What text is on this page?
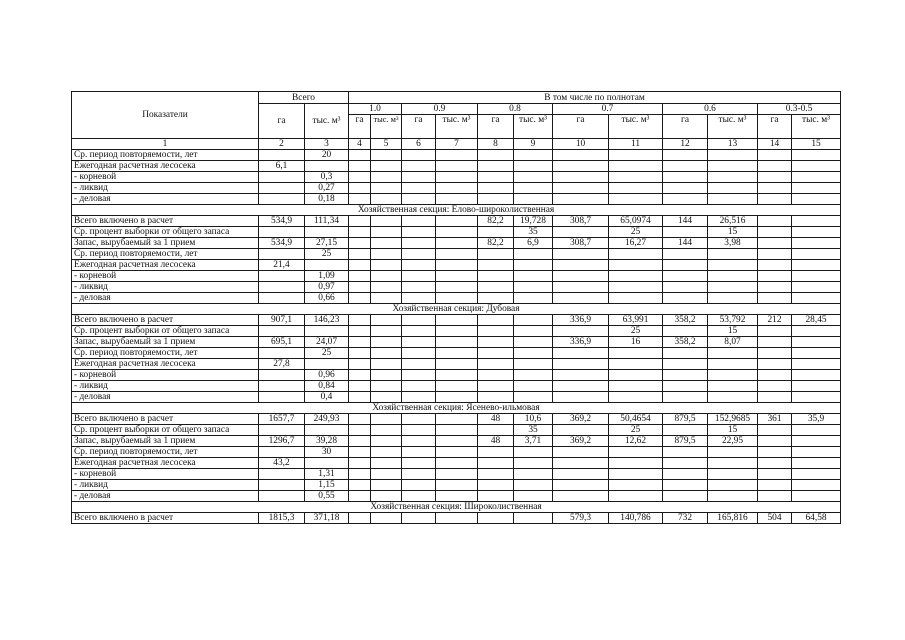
Показатели	Всего		В том числе по полнотам											
	га	тыс. м³	1.0		0.9		0.8		0.7		0.6		0.3-0.5	
			га	тыс. м³	га	тыс. м³	га	тыс. м³	га	тыс. м³	га	тыс. м³	га	тыс. м³
1	2	3	4	5	6	7	8	9	10	11	12	13	14	15
Ср. период повторяемости, лет		20												
Ежегодная расчетная лесосека	6,1													
- корневой		0,3												
- ликвид		0,27												
- деловая		0,18												
Хозяйственная секция: Елово-широколиственная														
Всего включено в расчет	534,9	111,34					82,2	19,728	308,7	65,0974	144	26,516		
Ср. процент выборки от общего запаса								35		25		15		
Запас, вырубаемый за 1 прием	534,9	27,15					82,2	6,9	308,7	16,27	144	3,98		
Ср. период повторяемости, лет		25												
Ежегодная расчетная лесосека	21,4													
- корневой		1,09												
- ликвид		0,97												
- деловая		0,66												
Хозяйственная секция: Дубовая														
Всего включено в расчет	907,1	146,23							336,9	63,991	358,2	53,792	212	28,45
Ср. процент выборки от общего запаса										25		15		
Запас, вырубаемый за 1 прием	695,1	24,07							336,9	16	358,2	8,07		
Ср. период повторяемости, лет		25												
Ежегодная расчетная лесосека	27,8													
- корневой		0,96												
- ликвид		0,84												
- деловая		0,4												
Хозяйственная секция: Ясенево-ильмовая														
Всего включено в расчет	1657,7	249,93					48	10,6	369,2	50,4654	879,5	152,9685	361	35,9
Ср. процент выборки от общего запаса								35		25		15		
Запас, вырубаемый за 1 прием	1296,7	39,28					48	3,71	369,2	12,62	879,5	22,95		
Ср. период повторяемости, лет		30												
Ежегодная расчетная лесосека	43,2													
- корневой		1,31												
- ликвид		1,15												
- деловая		0,55												
Хозяйственная секция: Широколиственная														
Всего включено в расчет	1815,3	371,18							579,3	140,786	732	165,816	504	64,58
